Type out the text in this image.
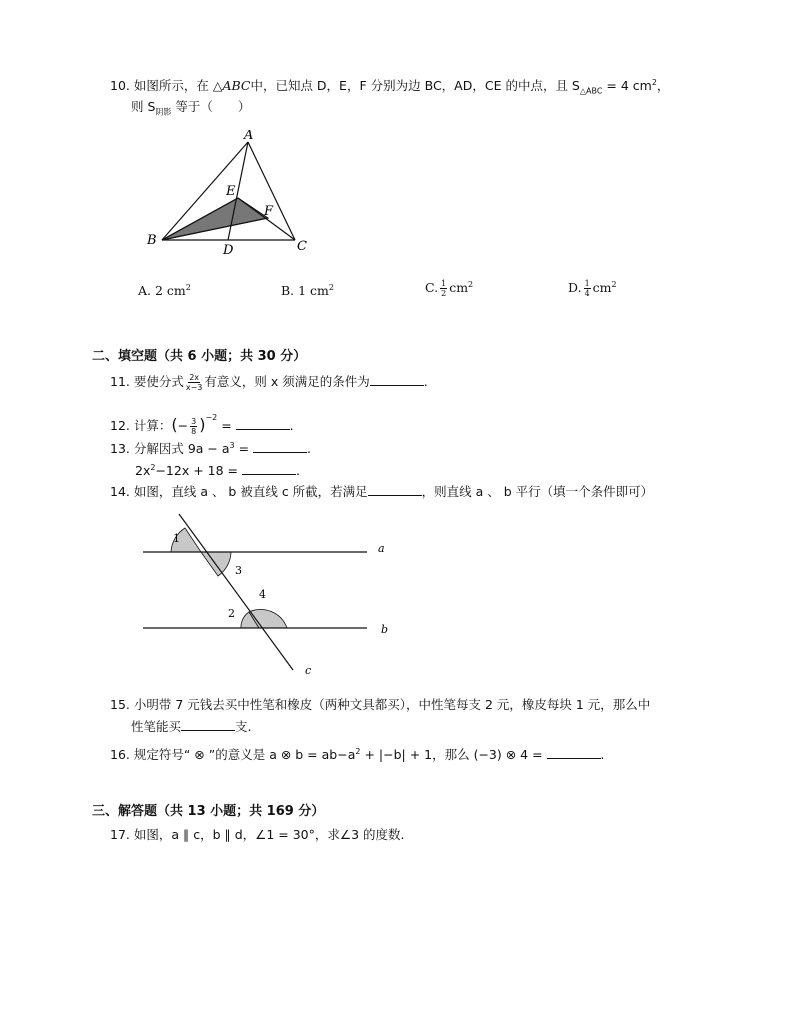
10. 如图所示，在 △ABC中，已知点 D，E，F 分别为边 BC，AD，CE 的中点，且 $S_{\triangle ABC} = 4$ $cm^2$，
则 $S_{阴影}$ 等于（　　）
A
B	C
D
E
F
A. 2 $cm^2$	B. 1 $cm^2$	C. $\frac{1}{2} cm^2$	D. $\frac{1}{4} cm^2$
二、填空题（共 6 小题；共 30 分）
11. 要使分式 $\frac{2x}{x-3}$ 有意义，则 x 须满足的条件为	.
12. 计算：(− $\frac{3}{8} )^{-2}$ =	.
13. 分解因式 $9a - a^3$ =	.
$2x^2-12x + 18$ =	.
14. 如图，直线 a 、 b 被直线 c 所截，若满足	，则直线 a 、 b 平行（填一个条件即可）
1
3
2
4
a
b
c
15. 小明带 7 元钱去买中性笔和橡皮（两种文具都买），中性笔每支 2 元，橡皮每块 1 元，那么中
性笔能买	支.
16. 规定符号“ ⊗ ”的意义是 a ⊗ $b = ab-a^2 + |-b| + 1$，那么 (−3) ⊗ 4 =	.
三、解答题（共 13 小题；共 169 分）
17. 如图，a ∥ c，b ∥ d，∠1 = 30°，求∠3 的度数.
